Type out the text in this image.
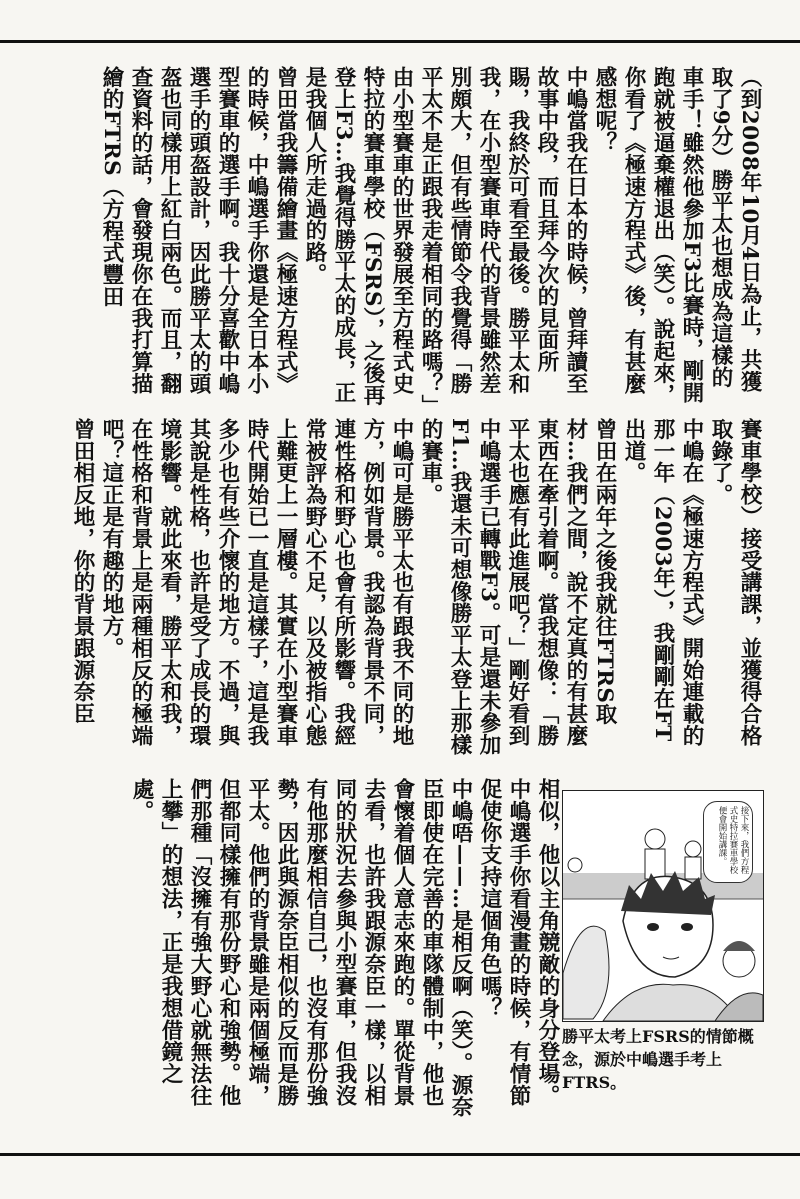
（到2008年10月4日為止，共獲取了9分）勝平太也想成為這樣的車手！雖然他參加F3比賽時，剛開跑就被逼棄權退出（笑）。說起來，你看了《極速方程式》後，有甚麼感想呢？

中嶋當我在日本的時候，曾拜讀至故事中段，而且拜今次的見面所賜，我終於可看至最後。勝平太和我，在小型賽車時代的背景雖然差別頗大，但有些情節令我覺得「勝平太不是正跟我走着相同的路嗎？」由小型賽車的世界發展至方程式史特拉的賽車學校（FSRS），之後再登上F3…我覺得勝平太的成長，正是我個人所走過的路。

曾田當我籌備繪畫《極速方程式》的時候，中嶋選手你還是全日本小型賽車的選手啊。我十分喜歡中嶋選手的頭盔設計，因此勝平太的頭盔也同樣用上紅白兩色。而且，翻查資料的話，會發現你在我打算描繪的FTRS（方程式豐田

賽車學校）接受講課，並獲得合格取錄了。

中嶋在《極速方程式》開始連載的那一年（2003年），我剛剛在FT出道。

曾田在兩年之後我就往FTRS取材…我們之間，說不定真的有甚麼東西在牽引着啊。當我想像：「勝平太也應有此進展吧？」剛好看到中嶋選手已轉戰F3。可是還未參加F1…我還未可想像勝平太登上那樣的賽車。

中嶋可是勝平太也有跟我不同的地方，例如背景。我認為背景不同，連性格和野心也會有所影響。我經常被評為野心不足，以及被指心態上難更上一層樓。其實在小型賽車時代開始已一直是這樣子，這是我多少也有些介懷的地方。不過，與其說是性格，也許是受了成長的環境影響。就此來看，勝平太和我，在性格和背景上是兩種相反的極端吧？這正是有趣的地方。

曾田相反地，你的背景跟源奈臣

相似，他以主角競敵的身分登場。中嶋選手你看漫畫的時候，有情節促使你支持這個角色嗎？

中嶋唔——…是相反啊（笑）。源奈臣即使在完善的車隊體制中，他也會懷着個人意志來跑的。單從背景去看，也許我跟源奈臣一樣，以相同的狀況去參與小型賽車，但我沒有他那麼相信自己，也沒有那份強勢，因此與源奈臣相似的反而是勝平太。他們的背景雖是兩個極端，但都同樣擁有那份野心和強勢。他們那種「沒擁有強大野心就無法往上攀」的想法，正是我想借鏡之處。

接下來，我們方程式史特拉賽車學校便會開始講課。
勝平太考上FSRS的情節概念，源於中嶋選手考上FTRS。
